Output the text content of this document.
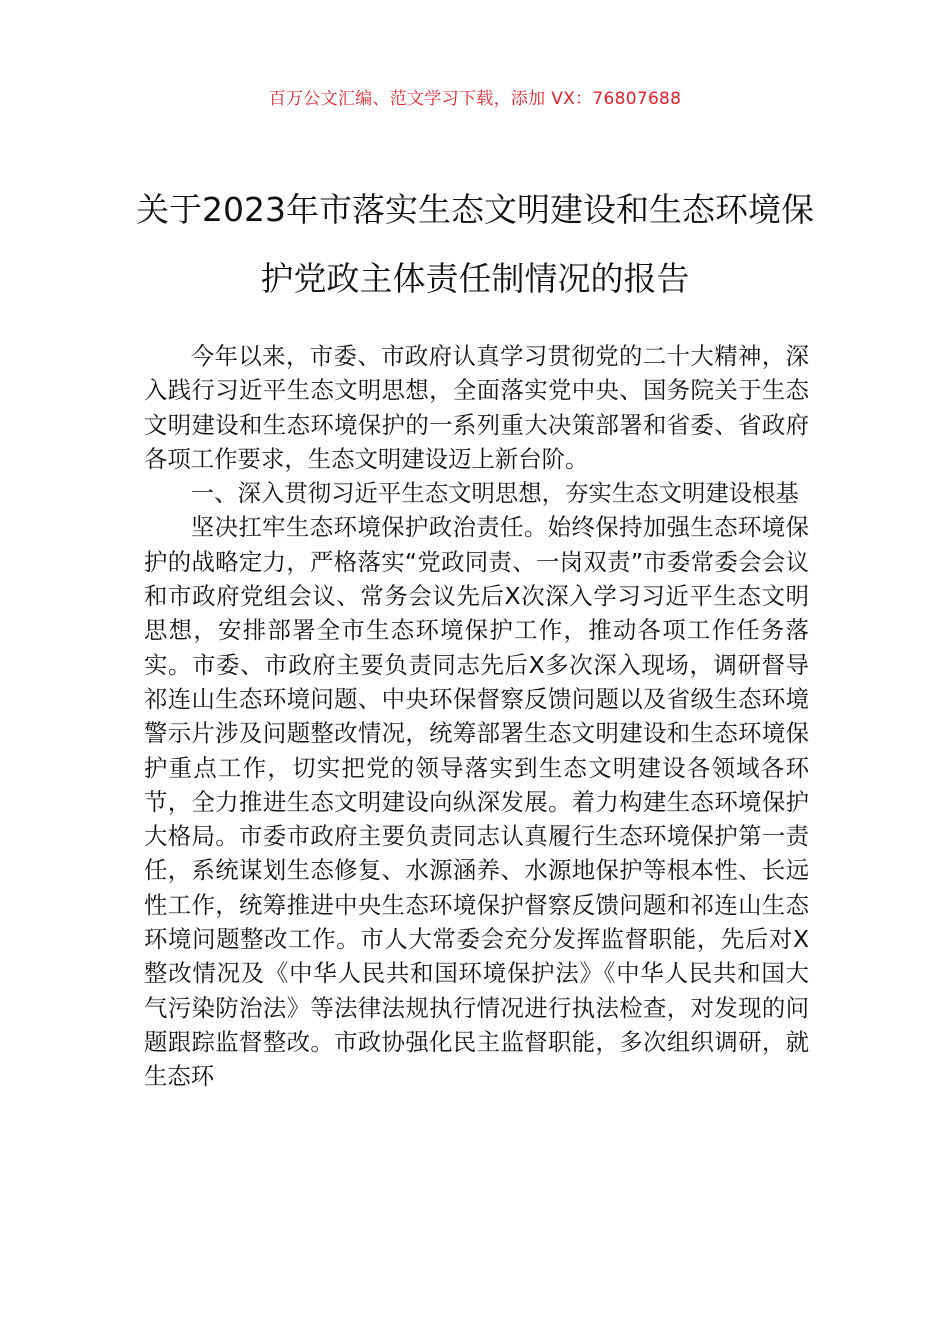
百万公文汇编、范文学习下载，添加 VX：76807688
关于2023年市落实生态文明建设和生态环境保护党政主体责任制情况的报告

今年以来，市委、市政府认真学习贯彻党的二十大精神，深入践行习近平生态文明思想，全面落实党中央、国务院关于生态文明建设和生态环境保护的一系列重大决策部署和省委、省政府各项工作要求，生态文明建设迈上新台阶。

一、深入贯彻习近平生态文明思想，夯实生态文明建设根基

坚决扛牢生态环境保护政治责任。始终保持加强生态环境保护的战略定力，严格落实“党政同责、一岗双责”市委常委会会议和市政府党组会议、常务会议先后X次深入学习习近平生态文明思想，安排部署全市生态环境保护工作，推动各项工作任务落实。市委、市政府主要负责同志先后X多次深入现场，调研督导祁连山生态环境问题、中央环保督察反馈问题以及省级生态环境警示片涉及问题整改情况，统筹部署生态文明建设和生态环境保护重点工作，切实把党的领导落实到生态文明建设各领域各环节，全力推进生态文明建设向纵深发展。着力构建生态环境保护大格局。市委市政府主要负责同志认真履行生态环境保护第一责任，系统谋划生态修复、水源涵养、水源地保护等根本性、长远性工作，统筹推进中央生态环境保护督察反馈问题和祁连山生态环境问题整改工作。市人大常委会充分发挥监督职能，先后对X整改情况及《中华人民共和国环境保护法》《中华人民共和国大气污染防治法》等法律法规执行情况进行执法检查，对发现的问题跟踪监督整改。市政协强化民主监督职能，多次组织调研，就生态环
